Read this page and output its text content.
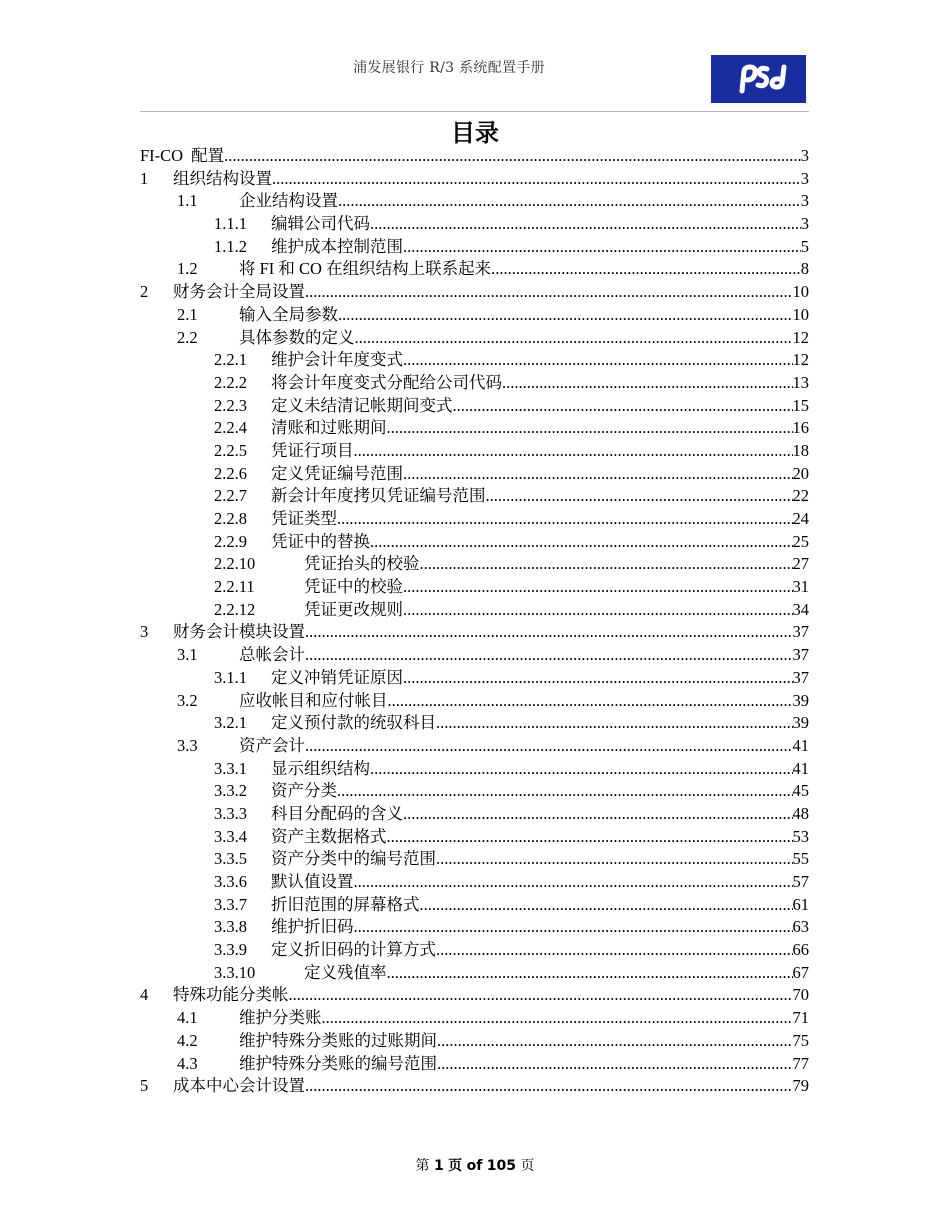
浦发展银行 R/3 系统配置手册
目录
FI-CO 配置 .....	3
1	组织结构设置 .....	3
1.1	企业结构设置 .....	3
1.1.1	编辑公司代码 .....	3
1.1.2	维护成本控制范围 .....	5
1.2	将 FI 和 CO 在组织结构上联系起来 .....	8
2	财务会计全局设置 .....	10
2.1	输入全局参数 .....	10
2.2	具体参数的定义 .....	12
2.2.1	维护会计年度变式 .....	12
2.2.2	将会计年度变式分配给公司代码 .....	13
2.2.3	定义未结清记帐期间变式 .....	15
2.2.4	清账和过账期间 .....	16
2.2.5	凭证行项目 .....	18
2.2.6	定义凭证编号范围 .....	20
2.2.7	新会计年度拷贝凭证编号范围 .....	22
2.2.8	凭证类型 .....	24
2.2.9	凭证中的替换 .....	25
2.2.10	凭证抬头的校验 .....	27
2.2.11	凭证中的校验 .....	31
2.2.12	凭证更改规则 .....	34
3	财务会计模块设置 .....	37
3.1	总帐会计 .....	37
3.1.1	定义冲销凭证原因 .....	37
3.2	应收帐目和应付帐目 .....	39
3.2.1	定义预付款的统驭科目 .....	39
3.3	资产会计 .....	41
3.3.1	显示组织结构 .....	41
3.3.2	资产分类 .....	45
3.3.3	科目分配码的含义 .....	48
3.3.4	资产主数据格式 .....	53
3.3.5	资产分类中的编号范围 .....	55
3.3.6	默认值设置 .....	57
3.3.7	折旧范围的屏幕格式 .....	61
3.3.8	维护折旧码 .....	63
3.3.9	定义折旧码的计算方式 .....	66
3.3.10	定义残值率 .....	67
4	特殊功能分类帐 .....	70
4.1	维护分类账 .....	71
4.2	维护特殊分类账的过账期间 .....	75
4.3	维护特殊分类账的编号范围 .....	77
5	成本中心会计设置 .....	79
第 1 页 of 105 页
